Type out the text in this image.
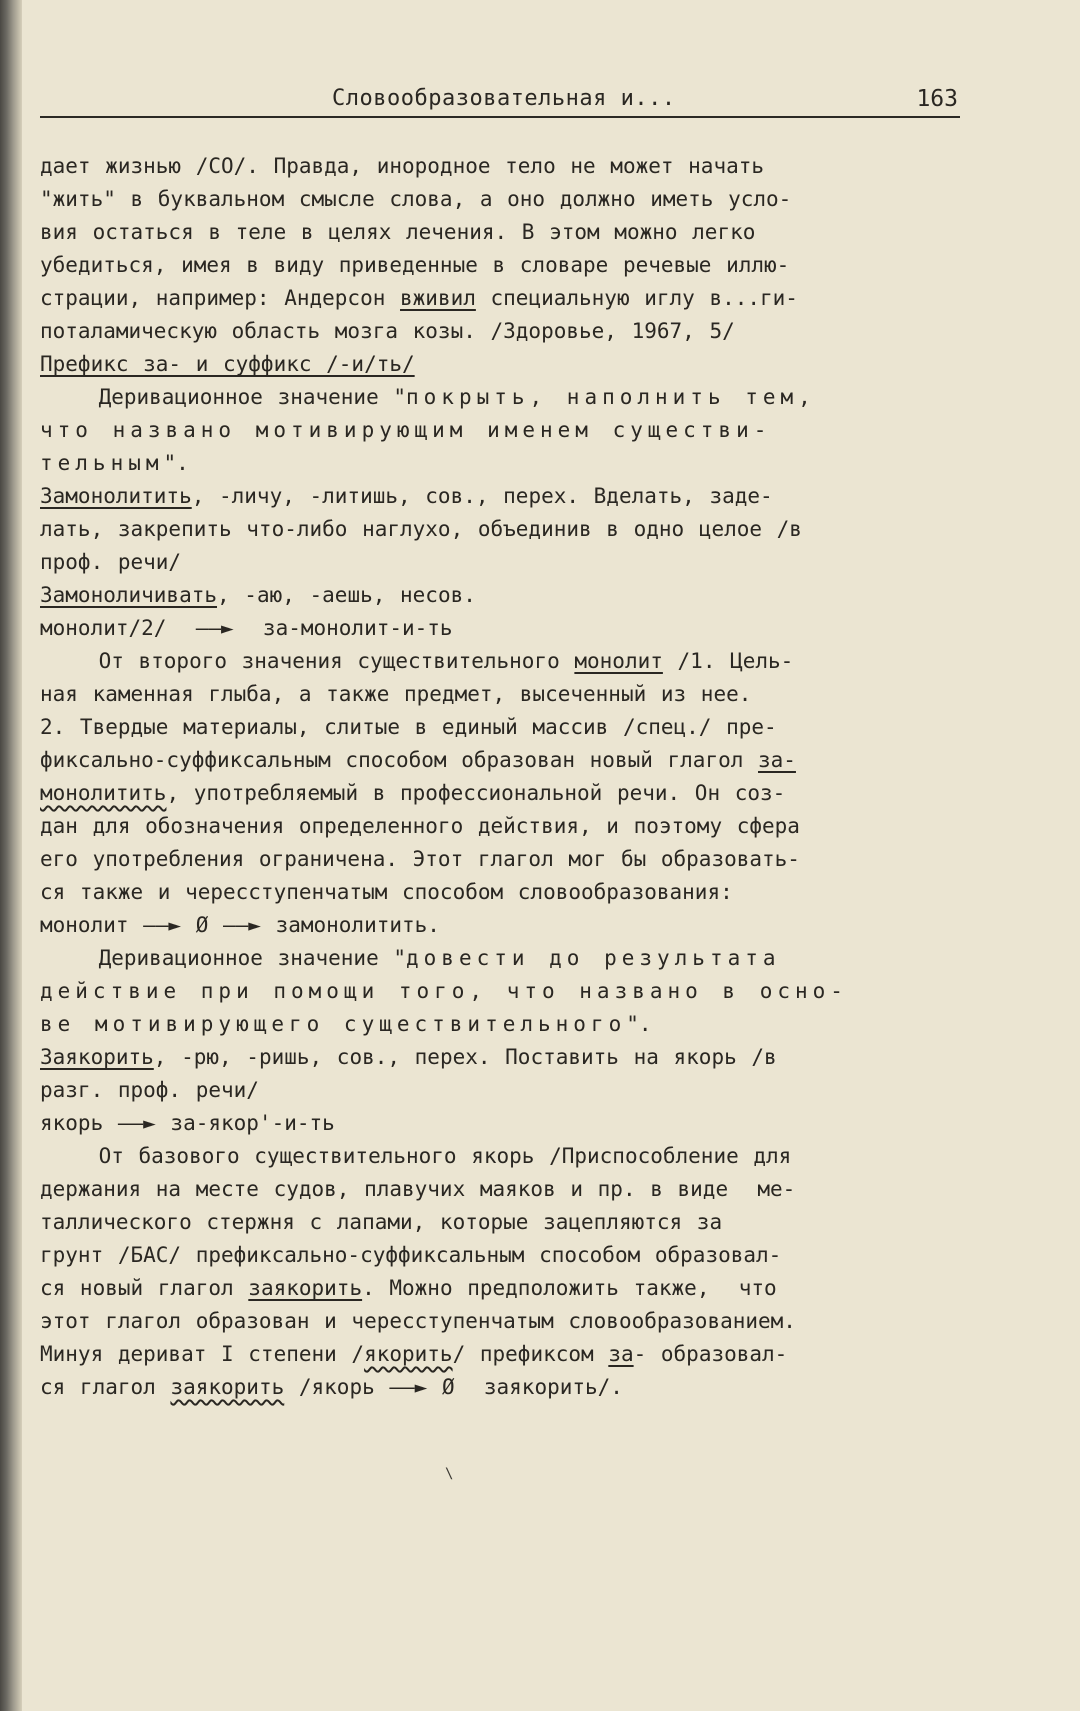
Словообразовательная и...	163
дает жизнью /СО/. Правда, инородное тело не может начать
"жить" в буквальном смысле слова, а оно должно иметь усло-
вия остаться в теле в целях лечения. В этом можно легко
убедиться, имея в виду приведенные в словаре речевые иллю-
страции, например: Андерсон вживил специальную иглу в...ги-
поталамическую область мозга козы. /Здоровье, 1967, 5/
Префикс за- и суффикс /-и/ть/
Деривационное значение "покрыть, наполнить тем,
что названо мотивирующим именем существи-
тельным".
Замонолитить, -личу, -литишь, сов., перех. Вделать, заде-
лать, закрепить что-либо наглухо, объединив в одно целое /в
проф. речи/
Замоноличивать, -аю, -аешь, несов.
монолит/2/  ——►  за-монолит-и-ть
От второго значения существительного монолит /1. Цель-
ная каменная глыба, а также предмет, высеченный из нее.
2. Твердые материалы, слитые в единый массив /спец./ пре-
фиксально-суффиксальным способом образован новый глагол за-
монолитить, употребляемый в профессиональной речи. Он соз-
дан для обозначения определенного действия, и поэтому сфера
его употребления ограничена. Этот глагол мог бы образовать-
ся также и чересступенчатым способом словообразования:
монолит ——► Ø ——► замонолитить.
Деривационное значение "довести до результата
действие при помощи того, что названо в осно-
ве мотивирующего существительного".
Заякорить, -рю, -ришь, сов., перех. Поставить на якорь /в
разг. проф. речи/
якорь ——► за-якор'-и-ть
От базового существительного якорь /Приспособление для
держания на месте судов, плавучих маяков и пр. в виде  ме-
таллического стержня с лапами, которые зацепляются за
грунт /БАС/ префиксально-суффиксальным способом образовал-
ся новый глагол заякорить. Можно предположить также,  что
этот глагол образован и чересступенчатым словообразованием.
Минуя дериват I степени /якорить/ префиксом за- образовал-
ся глагол заякорить /якорь ——► Ø  заякорить/.
\
